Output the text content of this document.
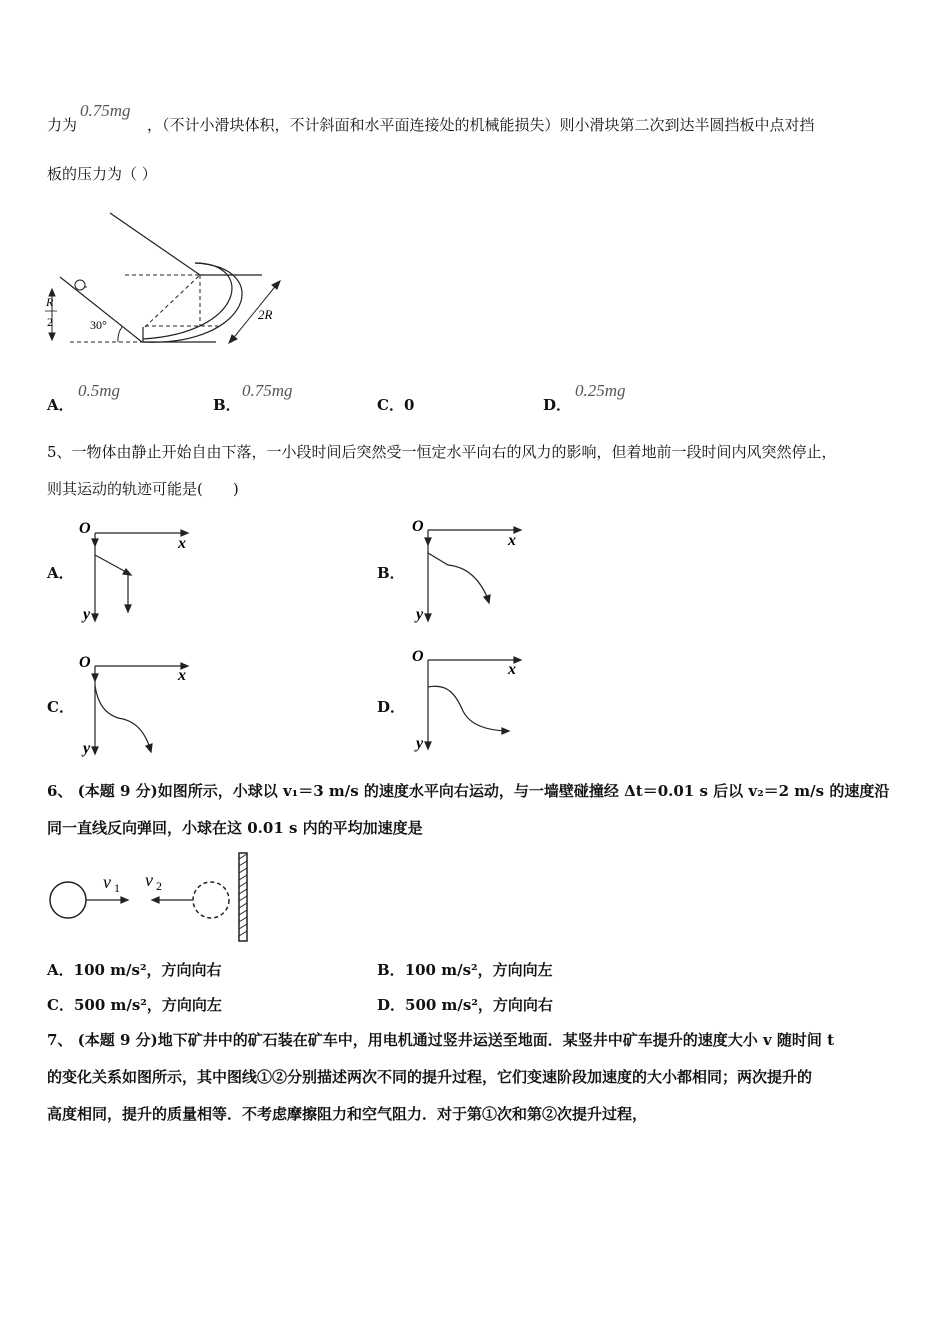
力为
0.75mg
，（不计小滑块体积，不计斜面和水平面连接处的机械能损失）则小滑块第二次到达半圆挡板中点对挡
板的压力为（ ）
R
2	30°
2R
A．
0.5mg
B．
0.75mg
C．0	D．
0.25mg
5、一物体由静止开始自由下落，一小段时间后突然受一恒定水平向右的风力的影响，但着地前一段时间内风突然停止，
则其运动的轨迹可能是(　　)
A．	B．
C．	D．
O
x
y
O
x
y
O
x
y
O
x
y
6、 (本题 9 分)如图所示，小球以 v₁＝3 m/s 的速度水平向右运动，与一墙壁碰撞经 Δt＝0.01 s 后以 v₂＝2 m/s 的速度沿
同一直线反向弹回，小球在这 0.01 s 内的平均加速度是
v 1 v 2
A．100 m/s²，方向向右	B．100 m/s²，方向向左
C．500 m/s²，方向向左	D．500 m/s²，方向向右
7、 (本题 9 分)地下矿井中的矿石装在矿车中，用电机通过竖井运送至地面．某竖井中矿车提升的速度大小 v 随时间 t
的变化关系如图所示，其中图线①②分别描述两次不同的提升过程，它们变速阶段加速度的大小都相同；两次提升的
高度相同，提升的质量相等．不考虑摩擦阻力和空气阻力．对于第①次和第②次提升过程，
